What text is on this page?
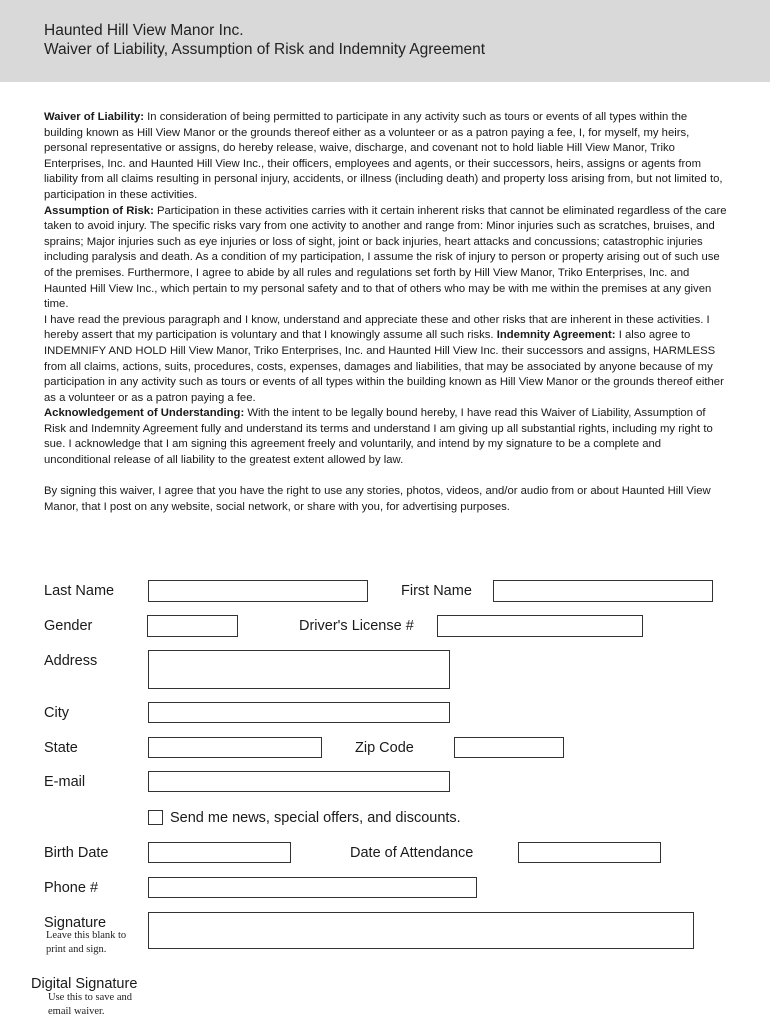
Haunted Hill View Manor Inc.
Waiver of Liability, Assumption of Risk and Indemnity Agreement

Waiver of Liability: In consideration of being permitted to participate in any activity such as tours or events of all types within the building known as Hill View Manor or the grounds thereof either as a volunteer or as a patron paying a fee, I, for myself, my heirs, personal representative or assigns, do hereby release, waive, discharge, and covenant not to hold liable Hill View Manor, Triko Enterprises, Inc. and Haunted Hill View Inc., their officers, employees and agents, or their successors, heirs, assigns or agents from liability from all claims resulting in personal injury, accidents, or illness (including death) and property loss arising from, but not limited to, participation in these activities.

Assumption of Risk: Participation in these activities carries with it certain inherent risks that cannot be eliminated regardless of the care taken to avoid injury. The specific risks vary from one activity to another and range from: Minor injuries such as scratches, bruises, and sprains; Major injuries such as eye injuries or loss of sight, joint or back injuries, heart attacks and concussions; catastrophic injuries including paralysis and death. As a condition of my participation, I assume the risk of injury to person or property arising out of such use of the premises. Furthermore, I agree to abide by all rules and regulations set forth by Hill View Manor, Triko Enterprises, Inc. and Haunted Hill View Inc., which pertain to my personal safety and to that of others who may be with me within the premises at any given time.

I have read the previous paragraph and I know, understand and appreciate these and other risks that are inherent in these activities. I hereby assert that my participation is voluntary and that I knowingly assume all such risks. Indemnity Agreement: I also agree to INDEMNIFY AND HOLD Hill View Manor, Triko Enterprises, Inc. and Haunted Hill View Inc. their successors and assigns, HARMLESS from all claims, actions, suits, procedures, costs, expenses, damages and liabilities, that may be associated by anyone because of my participation in any activity such as tours or events of all types within the building known as Hill View Manor or the grounds thereof either as a volunteer or as a patron paying a fee.

Acknowledgement of Understanding: With the intent to be legally bound hereby, I have read this Waiver of Liability, Assumption of Risk and Indemnity Agreement fully and understand its terms and understand I am giving up all substantial rights, including my right to sue. I acknowledge that I am signing this agreement freely and voluntarily, and intend by my signature to be a complete and unconditional release of all liability to the greatest extent allowed by law.

By signing this waiver, I agree that you have the right to use any stories, photos, videos, and/or audio from or about Haunted Hill View Manor, that I post on any website, social network, or share with you, for advertising purposes.
Last Name	First Name
Gender	Driver's License #
Address
City
State	Zip Code
E-mail
Send me news, special offers, and discounts.
Birth Date	Date of Attendance
Phone #
Signature
Leave this blank to
print and sign.
Digital Signature
Use this to save and
email waiver.
